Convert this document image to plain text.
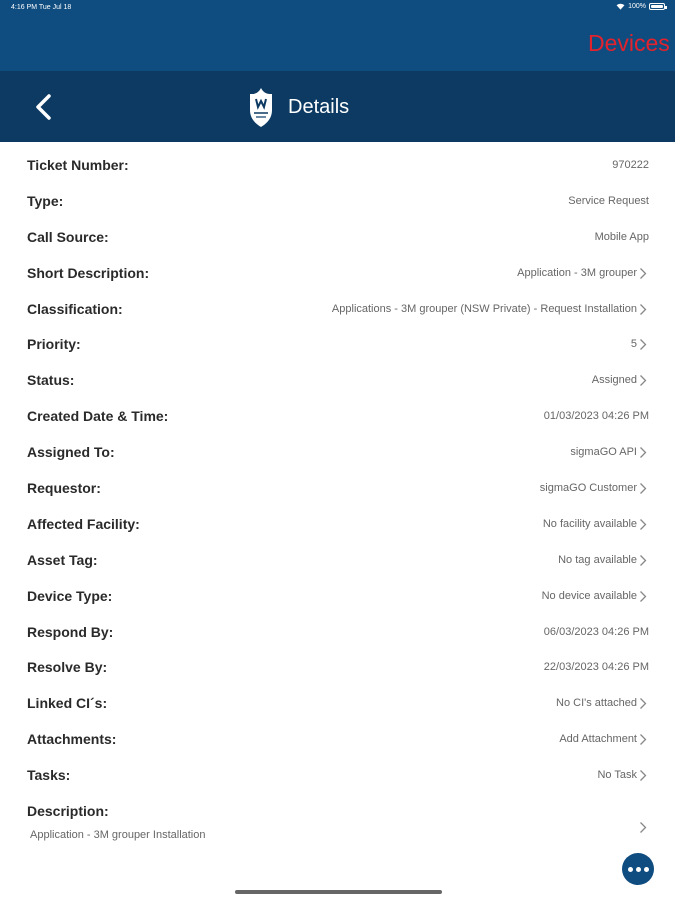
4:16 PM Tue Jul 18	100%
Devices
Details
Ticket Number:	970222
Type:	Service Request
Call Source:	Mobile App
Short Description:	Application - 3M grouper
Classification:	Applications - 3M grouper (NSW Private) - Request Installation
Priority:	5
Status:	Assigned
Created Date & Time:	01/03/2023 04:26 PM
Assigned To:	sigmaGO API
Requestor:	sigmaGO Customer
Affected Facility:	No facility available
Asset Tag:	No tag available
Device Type:	No device available
Respond By:	06/03/2023 04:26 PM
Resolve By:	22/03/2023 04:26 PM
Linked CI´s:	No CI's attached
Attachments:	Add Attachment
Tasks:	No Task
Description:
Application - 3M grouper Installation
